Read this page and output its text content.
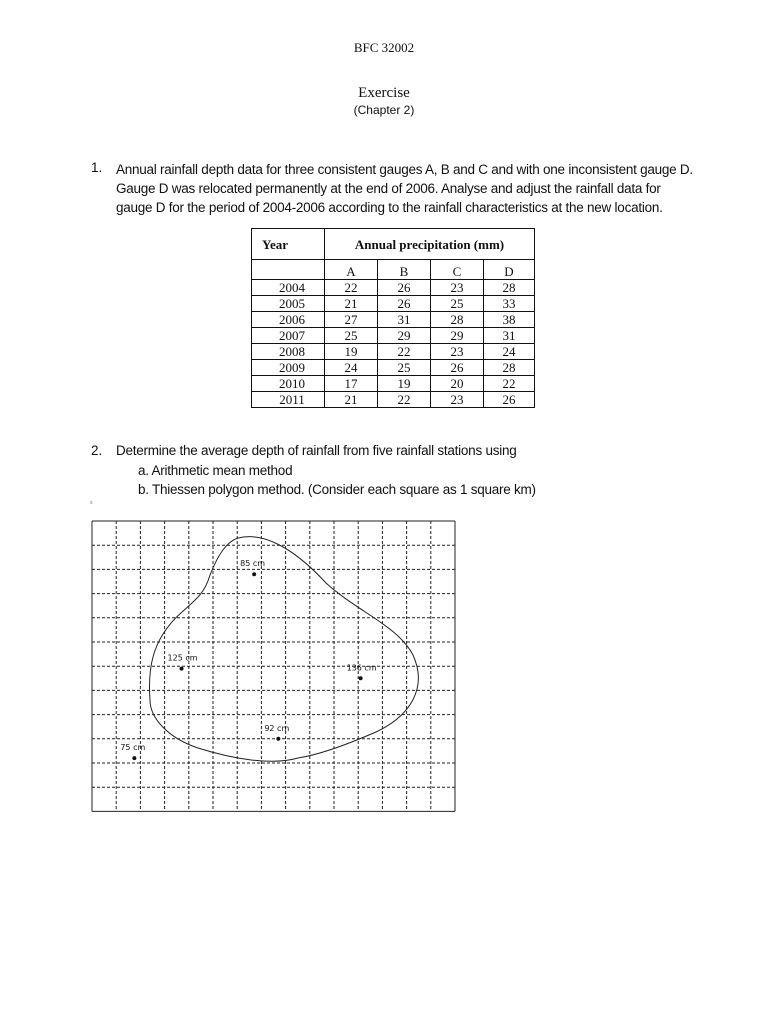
BFC 32002
Exercise
(Chapter 2)
1. Annual rainfall depth data for three consistent gauges A, B and C and with one inconsistent gauge D. Gauge D was relocated permanently at the end of 2006. Analyse and adjust the rainfall data for gauge D for the period of 2004-2006 according to the rainfall characteristics at the new location.
Year	Annual precipitation (mm)			
	A	B	C	D
2004	22	26	23	28
2005	21	26	25	33
2006	27	31	28	38
2007	25	29	29	31
2008	19	22	23	24
2009	24	25	26	28
2010	17	19	20	22
2011	21	22	23	26
2. Determine the average depth of rainfall from five rainfall stations using
a. Arithmetic mean method
b. Thiessen polygon method. (Consider each square as 1 square km)
s
85 cm
125 cm
136 cm
92 cm
75 cm
